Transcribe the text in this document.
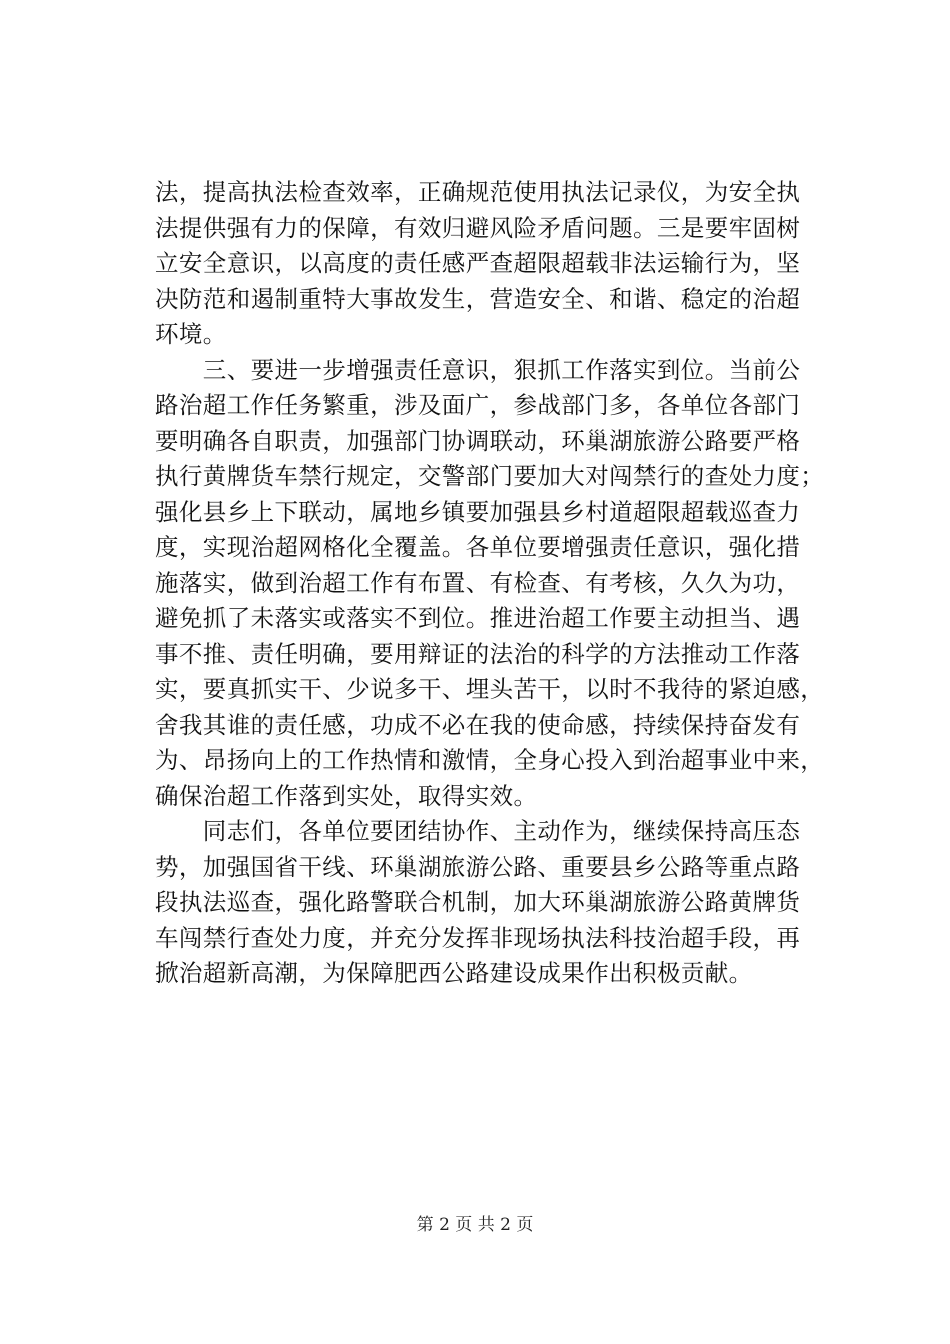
法，提高执法检查效率，正确规范使用执法记录仪，为安全执
法提供强有力的保障，有效归避风险矛盾问题。三是要牢固树
立安全意识，以高度的责任感严查超限超载非法运输行为，坚
决防范和遏制重特大事故发生，营造安全、和谐、稳定的治超
环境。
　　三、要进一步增强责任意识，狠抓工作落实到位。当前公
路治超工作任务繁重，涉及面广，参战部门多，各单位各部门
要明确各自职责，加强部门协调联动，环巢湖旅游公路要严格
执行黄牌货车禁行规定，交警部门要加大对闯禁行的查处力度；
强化县乡上下联动，属地乡镇要加强县乡村道超限超载巡查力
度，实现治超网格化全覆盖。各单位要增强责任意识，强化措
施落实，做到治超工作有布置、有检查、有考核，久久为功，
避免抓了未落实或落实不到位。推进治超工作要主动担当、遇
事不推、责任明确，要用辩证的法治的科学的方法推动工作落
实，要真抓实干、少说多干、埋头苦干，以时不我待的紧迫感，
舍我其谁的责任感，功成不必在我的使命感，持续保持奋发有
为、昂扬向上的工作热情和激情，全身心投入到治超事业中来，
确保治超工作落到实处，取得实效。
　　同志们，各单位要团结协作、主动作为，继续保持高压态
势，加强国省干线、环巢湖旅游公路、重要县乡公路等重点路
段执法巡查，强化路警联合机制，加大环巢湖旅游公路黄牌货
车闯禁行查处力度，并充分发挥非现场执法科技治超手段，再
掀治超新高潮，为保障肥西公路建设成果作出积极贡献。
第 2 页 共 2 页
